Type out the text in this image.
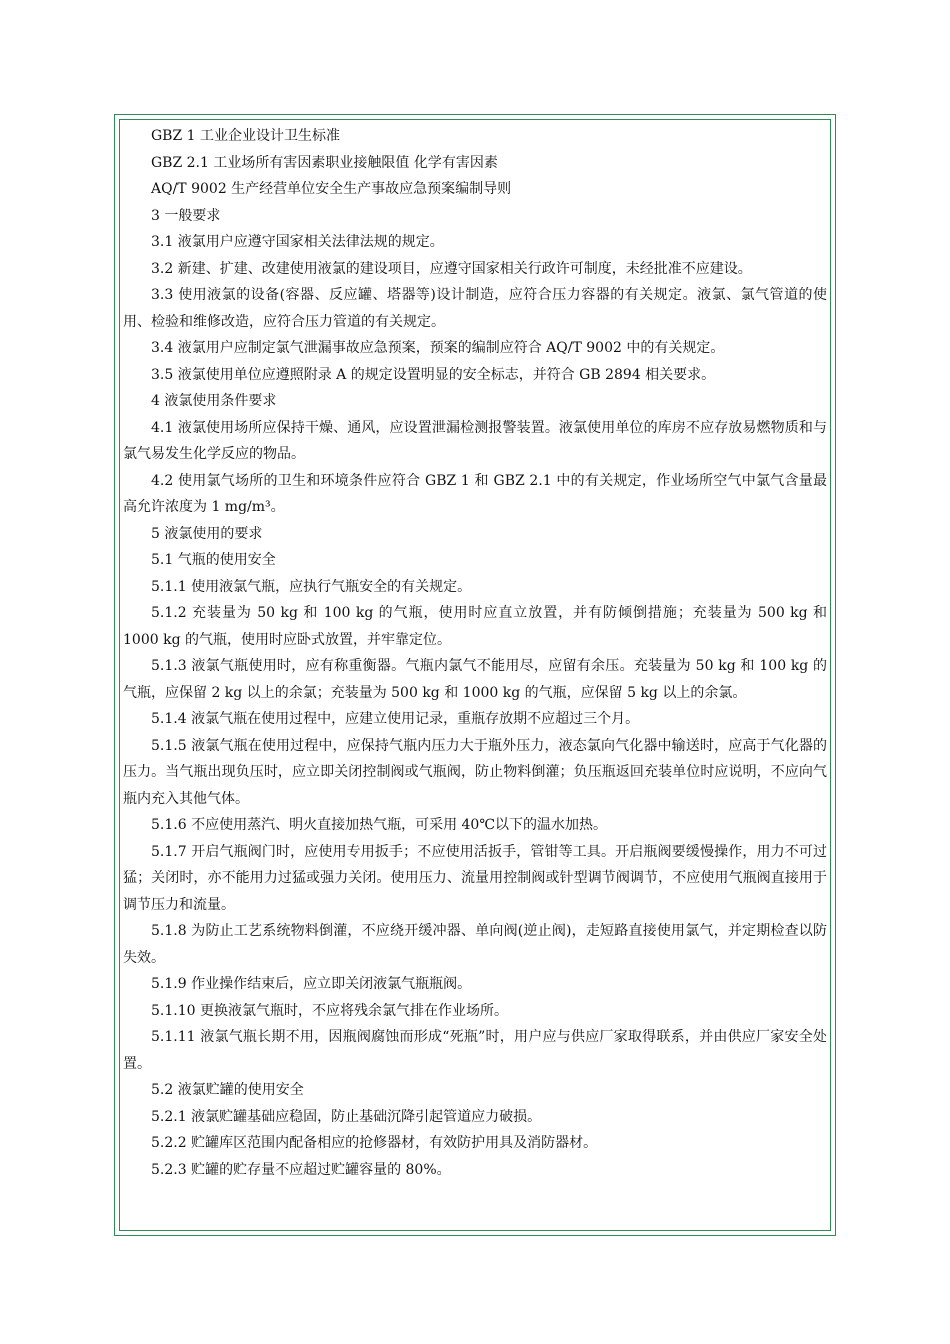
GBZ 1 工业企业设计卫生标准

GBZ 2.1 工业场所有害因素职业接触限值 化学有害因素

AQ/T 9002 生产经营单位安全生产事故应急预案编制导则

3 一般要求

3.1 液氯用户应遵守国家相关法律法规的规定。

3.2 新建、扩建、改建使用液氯的建设项目，应遵守国家相关行政许可制度，未经批准不应建设。

3.3 使用液氯的设备(容器、反应罐、塔器等)设计制造，应符合压力容器的有关规定。液氯、氯气管道的使用、检验和维修改造，应符合压力管道的有关规定。

3.4 液氯用户应制定氯气泄漏事故应急预案，预案的编制应符合 AQ/T 9002 中的有关规定。

3.5 液氯使用单位应遵照附录 A 的规定设置明显的安全标志，并符合 GB 2894 相关要求。

4 液氯使用条件要求

4.1 液氯使用场所应保持干燥、通风，应设置泄漏检测报警装置。液氯使用单位的库房不应存放易燃物质和与氯气易发生化学反应的物品。

4.2 使用氯气场所的卫生和环境条件应符合 GBZ 1 和 GBZ 2.1 中的有关规定，作业场所空气中氯气含量最高允许浓度为 1 mg/m³。

5 液氯使用的要求

5.1 气瓶的使用安全

5.1.1 使用液氯气瓶，应执行气瓶安全的有关规定。

5.1.2 充装量为 50 kg 和 100 kg 的气瓶，使用时应直立放置，并有防倾倒措施；充装量为 500 kg 和 1000 kg 的气瓶，使用时应卧式放置，并牢靠定位。

5.1.3 液氯气瓶使用时，应有称重衡器。气瓶内氯气不能用尽，应留有余压。充装量为 50 kg 和 100 kg 的气瓶，应保留 2 kg 以上的余氯；充装量为 500 kg 和 1000 kg 的气瓶，应保留 5 kg 以上的余氯。

5.1.4 液氯气瓶在使用过程中，应建立使用记录，重瓶存放期不应超过三个月。

5.1.5 液氯气瓶在使用过程中，应保持气瓶内压力大于瓶外压力，液态氯向气化器中输送时，应高于气化器的压力。当气瓶出现负压时，应立即关闭控制阀或气瓶阀，防止物料倒灌；负压瓶返回充装单位时应说明，不应向气瓶内充入其他气体。

5.1.6 不应使用蒸汽、明火直接加热气瓶，可采用 40℃以下的温水加热。

5.1.7 开启气瓶阀门时，应使用专用扳手；不应使用活扳手，管钳等工具。开启瓶阀要缓慢操作，用力不可过猛；关闭时，亦不能用力过猛或强力关闭。使用压力、流量用控制阀或针型调节阀调节，不应使用气瓶阀直接用于调节压力和流量。

5.1.8 为防止工艺系统物料倒灌，不应绕开缓冲器、单向阀(逆止阀)，走短路直接使用氯气，并定期检查以防失效。

5.1.9 作业操作结束后，应立即关闭液氯气瓶瓶阀。

5.1.10 更换液氯气瓶时，不应将残余氯气排在作业场所。

5.1.11 液氯气瓶长期不用，因瓶阀腐蚀而形成“死瓶”时，用户应与供应厂家取得联系，并由供应厂家安全处置。

5.2 液氯贮罐的使用安全

5.2.1 液氯贮罐基础应稳固，防止基础沉降引起管道应力破损。

5.2.2 贮罐库区范围内配备相应的抢修器材，有效防护用具及消防器材。

5.2.3 贮罐的贮存量不应超过贮罐容量的 80%。
